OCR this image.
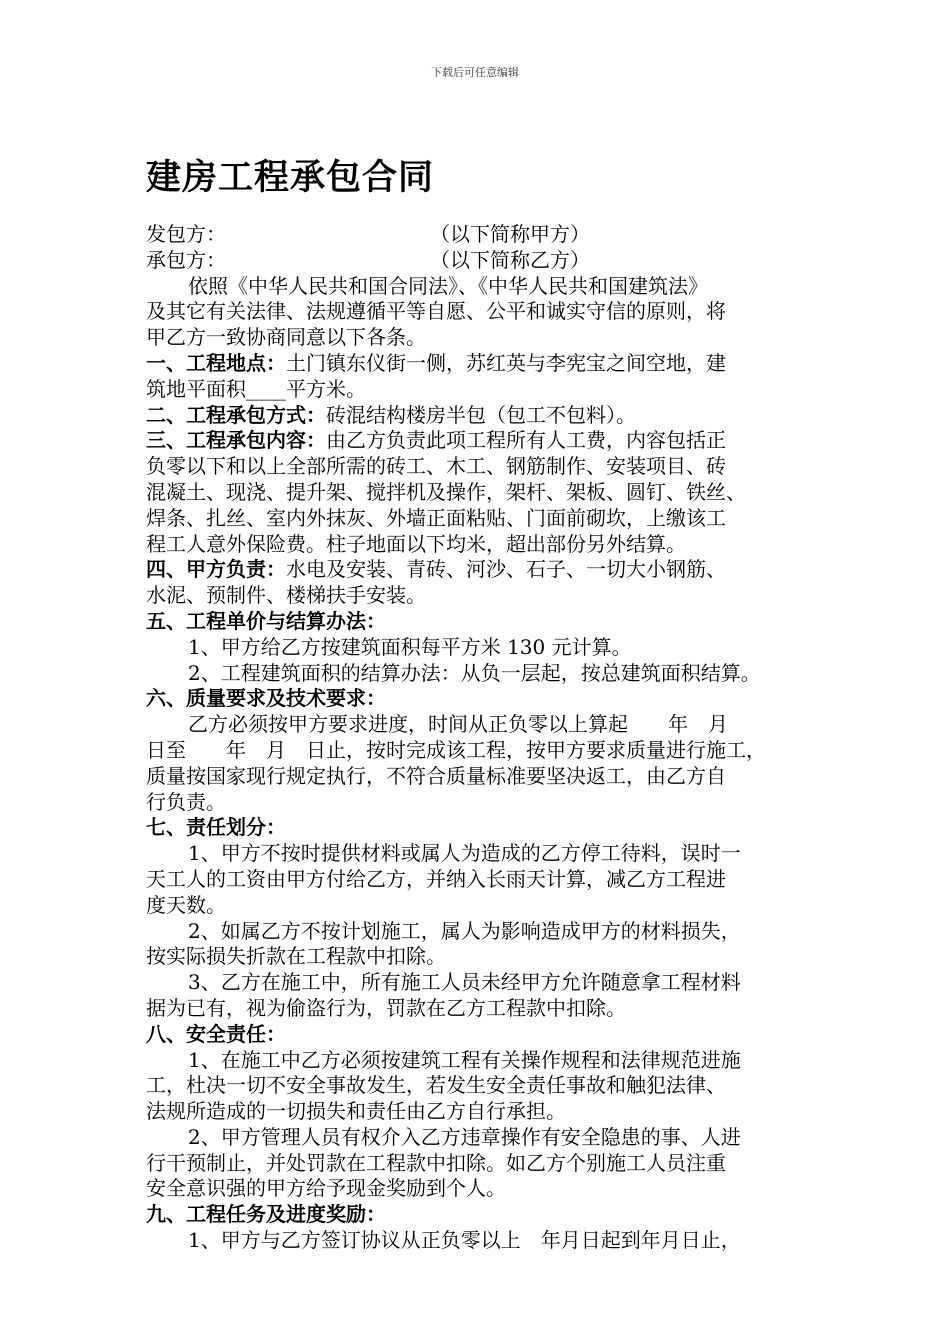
下载后可任意编辑
建房工程承包合同
发包方：	（以下简称甲方）
承包方：	（以下简称乙方）
依照《中华人民共和国合同法》、《中华人民共和国建筑法》
及其它有关法律、法规遵循平等自愿、公平和诚实守信的原则，将
甲乙方一致协商同意以下各条。
一、工程地点：土门镇东仪街一侧，苏红英与李宪宝之间空地，建
筑地平面积____平方米。
二、工程承包方式：砖混结构楼房半包（包工不包料）。
三、工程承包内容：由乙方负责此项工程所有人工费，内容包括正
负零以下和以上全部所需的砖工、木工、钢筋制作、安装项目、砖
混凝土、现浇、提升架、搅拌机及操作，架杆、架板、圆钉、铁丝、
焊条、扎丝、室内外抹灰、外墙正面粘贴、门面前砌坎，上缴该工
程工人意外保险费。柱子地面以下均米，超出部份另外结算。
四、甲方负责：水电及安装、青砖、河沙、石子、一切大小钢筋、
水泥、预制件、楼梯扶手安装。
五、工程单价与结算办法：
1、甲方给乙方按建筑面积每平方米 130 元计算。
2、工程建筑面积的结算办法：从负一层起，按总建筑面积结算。
六、质量要求及技术要求：
乙方必须按甲方要求进度，时间从正负零以上算起　　年　月
日至　　年　月　日止，按时完成该工程，按甲方要求质量进行施工，
质量按国家现行规定执行，不符合质量标准要坚决返工，由乙方自
行负责。
七、责任划分：
1、甲方不按时提供材料或属人为造成的乙方停工待料，误时一
天工人的工资由甲方付给乙方，并纳入长雨天计算，减乙方工程进
度天数。
2、如属乙方不按计划施工，属人为影响造成甲方的材料损失，
按实际损失折款在工程款中扣除。
3、乙方在施工中，所有施工人员未经甲方允许随意拿工程材料
据为已有，视为偷盗行为，罚款在乙方工程款中扣除。
八、安全责任：
1、在施工中乙方必须按建筑工程有关操作规程和法律规范进施
工，杜决一切不安全事故发生，若发生安全责任事故和触犯法律、
法规所造成的一切损失和责任由乙方自行承担。
2、甲方管理人员有权介入乙方违章操作有安全隐患的事、人进
行干预制止，并处罚款在工程款中扣除。如乙方个别施工人员注重
安全意识强的甲方给予现金奖励到个人。
九、工程任务及进度奖励：
1、甲方与乙方签订协议从正负零以上　年月日起到年月日止，
